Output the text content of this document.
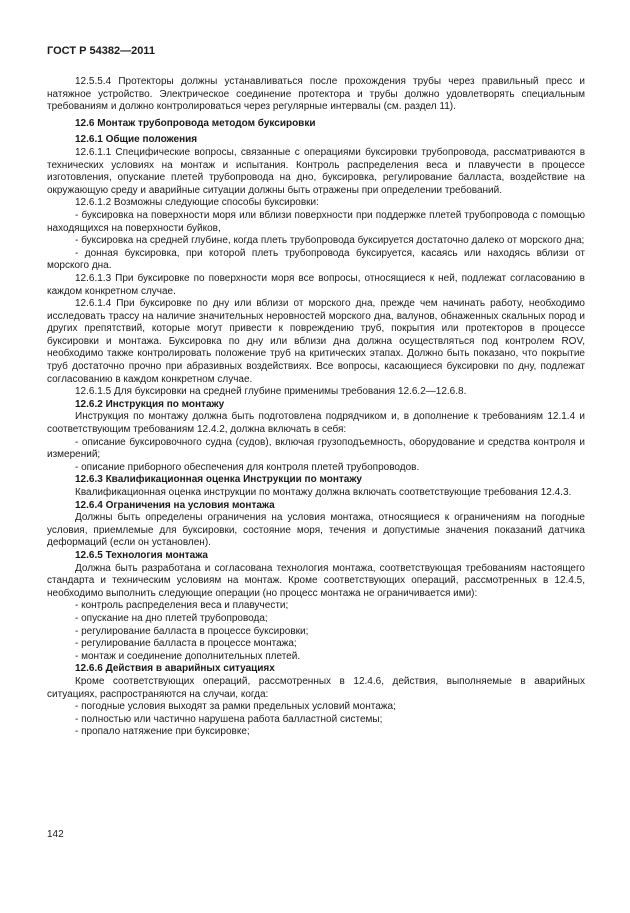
ГОСТ Р 54382—2011

12.5.5.4 Протекторы должны устанавливаться после прохождения трубы через правильный пресс и натяжное устройство. Электрическое соединение протектора и трубы должно удовлетворять специальным требованиям и должно контролироваться через регулярные интервалы (см. раздел 11).

12.6 Монтаж трубопровода методом буксировки

12.6.1 Общие положения

12.6.1.1 Специфические вопросы, связанные с операциями буксировки трубопровода, рассматриваются в технических условиях на монтаж и испытания. Контроль распределения веса и плавучести в процессе изготовления, опускание плетей трубопровода на дно, буксировка, регулирование балласта, воздействие на окружающую среду и аварийные ситуации должны быть отражены при определении требований.

12.6.1.2 Возможны следующие способы буксировки:

- буксировка на поверхности моря или вблизи поверхности при поддержке плетей трубопровода с помощью находящихся на поверхности буйков,

- буксировка на средней глубине, когда плеть трубопровода буксируется достаточно далеко от морского дна;

- донная буксировка, при которой плеть трубопровода буксируется, касаясь или находясь вблизи от морского дна.

12.6.1.3 При буксировке по поверхности моря все вопросы, относящиеся к ней, подлежат согласованию в каждом конкретном случае.

12.6.1.4 При буксировке по дну или вблизи от морского дна, прежде чем начинать работу, необходимо исследовать трассу на наличие значительных неровностей морского дна, валунов, обнаженных скальных пород и других препятствий, которые могут привести к повреждению труб, покрытия или протекторов в процессе буксировки и монтажа. Буксировка по дну или вблизи дна должна осуществляться под контролем ROV, необходимо также контролировать положение труб на критических этапах. Должно быть показано, что покрытие труб достаточно прочно при абразивных воздействиях. Все вопросы, касающиеся буксировки по дну, подлежат согласованию в каждом конкретном случае.

12.6.1.5 Для буксировки на средней глубине применимы требования 12.6.2—12.6.8.

12.6.2 Инструкция по монтажу

Инструкция по монтажу должна быть подготовлена подрядчиком и, в дополнение к требованиям 12.1.4 и соответствующим требованиям 12.4.2, должна включать в себя:

- описание буксировочного судна (судов), включая грузоподъемность, оборудование и средства контроля и измерений;

- описание приборного обеспечения для контроля плетей трубопроводов.

12.6.3 Квалификационная оценка Инструкции по монтажу

Квалификационная оценка инструкции по монтажу должна включать соответствующие требования 12.4.3.

12.6.4 Ограничения на условия монтажа

Должны быть определены ограничения на условия монтажа, относящиеся к ограничениям на погодные условия, приемлемые для буксировки, состояние моря, течения и допустимые значения показаний датчика деформаций (если он установлен).

12.6.5 Технология монтажа

Должна быть разработана и согласована технология монтажа, соответствующая требованиям настоящего стандарта и техническим условиям на монтаж. Кроме соответствующих операций, рассмотренных в 12.4.5, необходимо выполнить следующие операции (но процесс монтажа не ограничивается ими):

- контроль распределения веса и плавучести;

- опускание на дно плетей трубопровода;

- регулирование балласта в процессе буксировки;

- регулирование балласта в процессе монтажа;

- монтаж и соединение дополнительных плетей.

12.6.6 Действия в аварийных ситуациях

Кроме соответствующих операций, рассмотренных в 12.4.6, действия, выполняемые в аварийных ситуациях, распространяются на случаи, когда:

- погодные условия выходят за рамки предельных условий монтажа;

- полностью или частично нарушена работа балластной системы;

- пропало натяжение при буксировке;

142
